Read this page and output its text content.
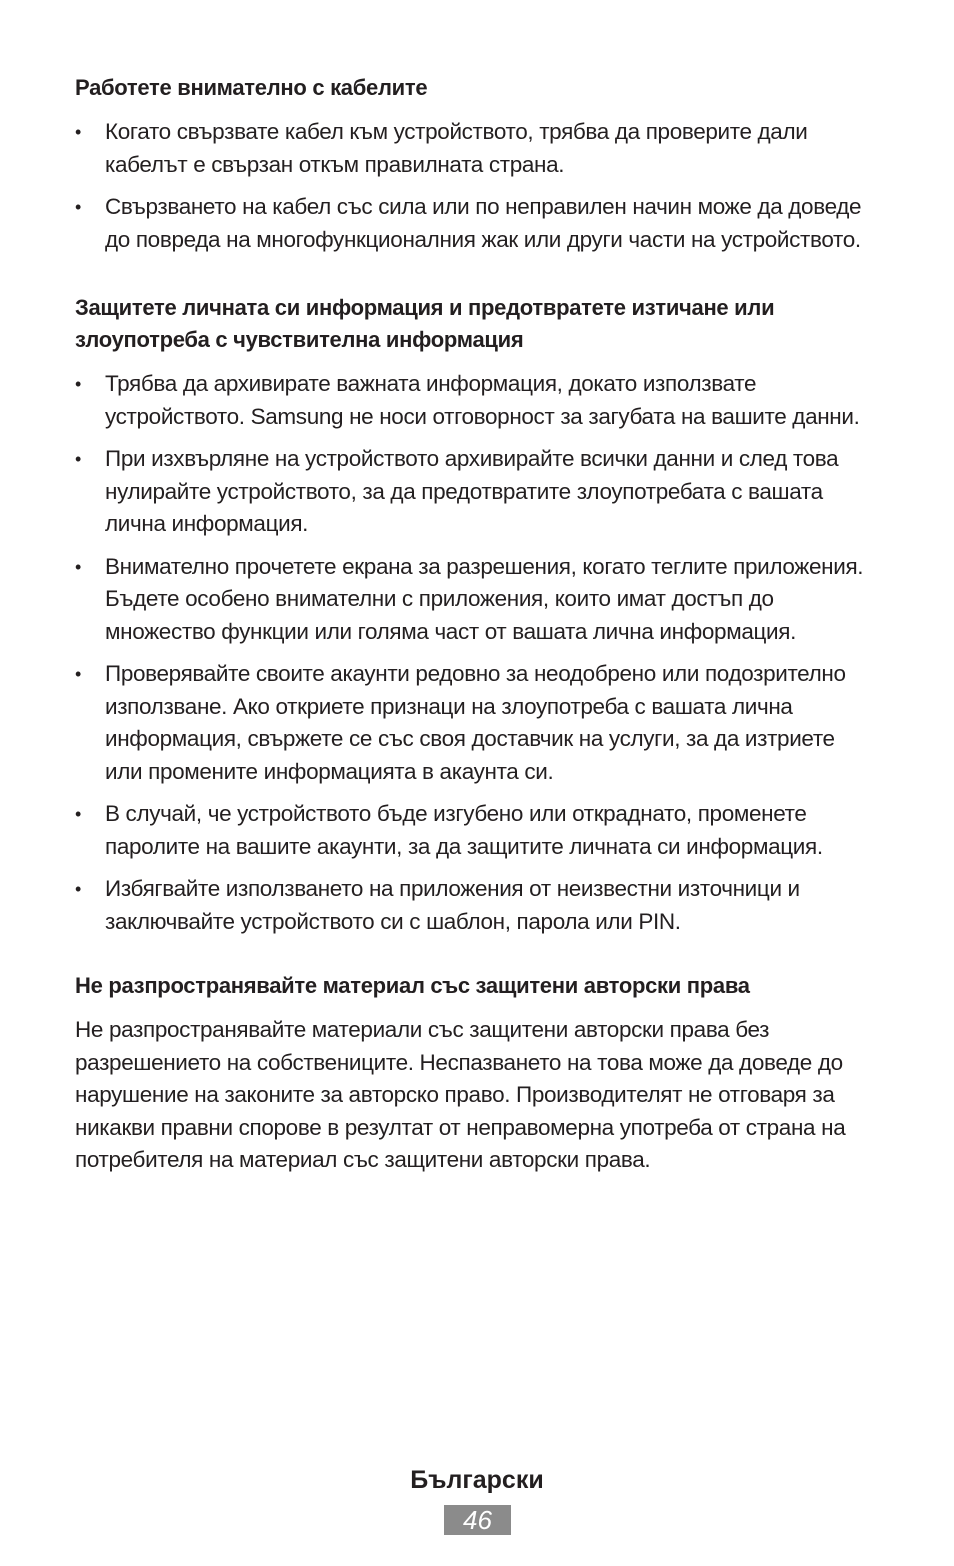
Работете внимателно с кабелите
•	Когато свързвате кабел към устройството, трябва да проверите дали кабелът е свързан откъм правилната страна.
•	Свързването на кабел със сила или по неправилен начин може да доведе до повреда на многофункционалния жак или други части на устройството.
Защитете личната си информация и предотвратете изтичане или злоупотреба с чувствителна информация
•	Трябва да архивирате важната информация, докато използвате устройството. Samsung не носи отговорност за загубата на вашите данни.
•	При изхвърляне на устройството архивирайте всички данни и след това нулирайте устройството, за да предотвратите злоупотребата с вашата лична информация.
•	Внимателно прочетете екрана за разрешения, когато теглите приложения. Бъдете особено внимателни с приложения, които имат достъп до множество функции или голяма част от вашата лична информация.
•	Проверявайте своите акаунти редовно за неодобрено или подозрително използване. Ако откриете признаци на злоупотреба с вашата лична информация, свържете се със своя доставчик на услуги, за да изтриете или промените информацията в акаунта си.
•	В случай, че устройството бъде изгубено или откраднато, променете паролите на вашите акаунти, за да защитите личната си информация.
•	Избягвайте използването на приложения от неизвестни източници и заключвайте устройството си с шаблон, парола или PIN.
Не разпространявайте материал със защитени авторски права

Не разпространявайте материали със защитени авторски права без разрешението на собствениците. Неспазването на това може да доведе до нарушение на законите за авторско право. Производителят не отговаря за никакви правни спорове в резултат от неправомерна употреба от страна на потребителя на материал със защитени авторски права.

Български
46
